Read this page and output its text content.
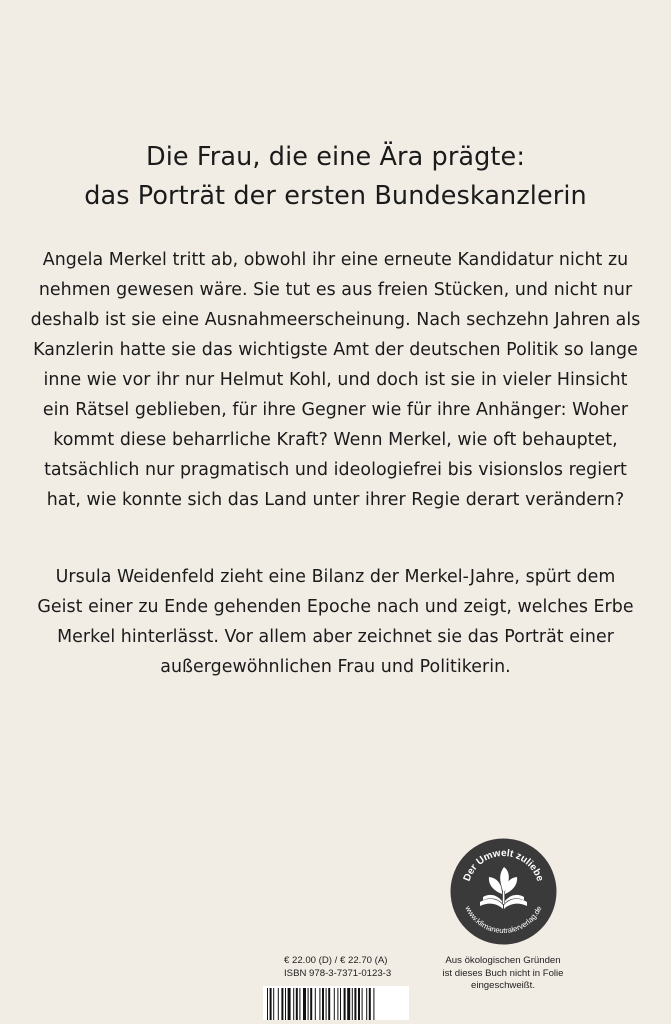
Die Frau, die eine Ära prägte:
das Porträt der ersten Bundeskanzlerin
Angela Merkel tritt ab, obwohl ihr eine erneute Kandidatur nicht zu
nehmen gewesen wäre. Sie tut es aus freien Stücken, und nicht nur
deshalb ist sie eine Ausnahmeerscheinung. Nach sechzehn Jahren als
Kanzlerin hatte sie das wichtigste Amt der deutschen Politik so lange
inne wie vor ihr nur Helmut Kohl, und doch ist sie in vieler Hinsicht
ein Rätsel geblieben, für ihre Gegner wie für ihre Anhänger: Woher
kommt diese beharrliche Kraft? Wenn Merkel, wie oft behauptet,
tatsächlich nur pragmatisch und ideologiefrei bis visionslos regiert
hat, wie konnte sich das Land unter ihrer Regie derart verändern?
Ursula Weidenfeld zieht eine Bilanz der Merkel-Jahre, spürt dem
Geist einer zu Ende gehenden Epoche nach und zeigt, welches Erbe
Merkel hinterlässt. Vor allem aber zeichnet sie das Porträt einer
außergewöhnlichen Frau und Politikerin.
Der Umwelt zuliebe
www.klimaneutralerverlag.de
€ 22.00 (D) / € 22.70 (A)
ISBN 978-3-7371-0123-3
Aus ökologischen Gründen
ist dieses Buch nicht in Folie
eingeschweißt.
